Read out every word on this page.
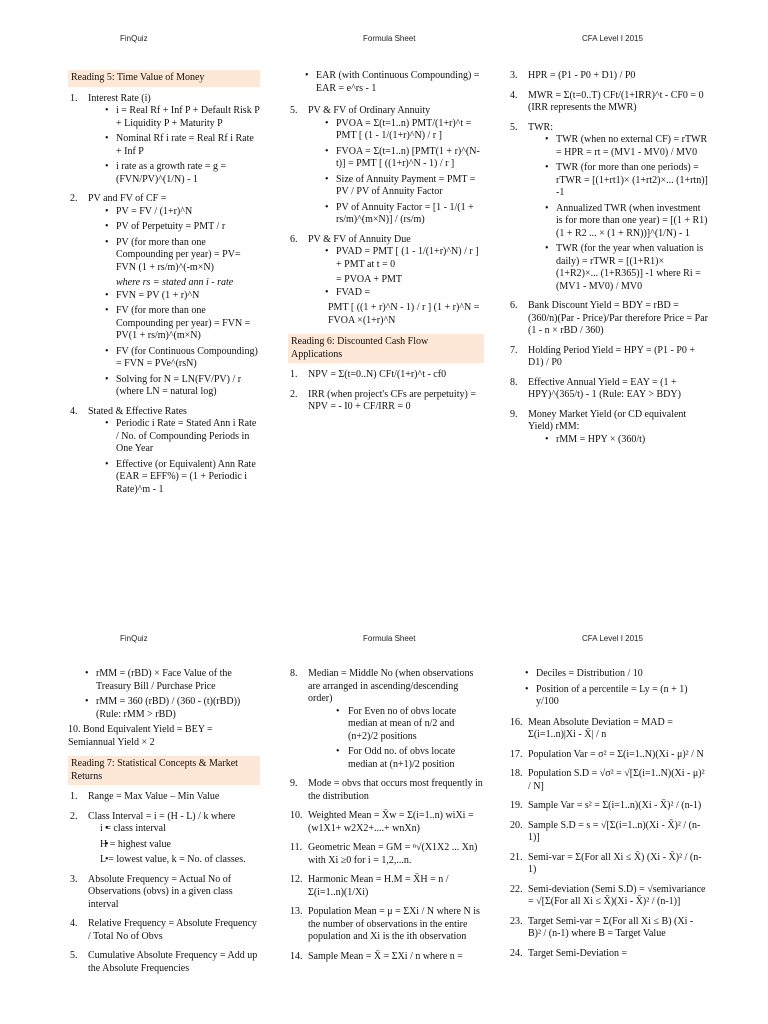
FinQuiz	Formula Sheet	CFA Level I 2015
Reading 5: Time Value of Money
1. Interest Rate (i)
• i = Real Rf + Inf P + Default Risk P + Liquidity P + Maturity P
• Nominal Rf i rate = Real Rf i Rate + Inf P
• i rate as a growth rate = g = (FVN/PV)^(1/N) - 1
2. PV and FV of CF =
• PV = FV / (1+r)^N
• PV of Perpetuity = PMT / r
• PV (for more than one Compounding per year) = PV= FVN (1 + rs/m)^(-m×N)
where rs = stated ann i - rate
• FVN = PV (1 + r)^N
• FV (for more than one Compounding per year) = FVN = PV(1 + rs/m)^(m×N)
• FV (for Continuous Compounding) = FVN = PVe^(rsN)
• Solving for N = LN(FV/PV) / r (where LN = natural log)
4. Stated & Effective Rates
• Periodic i Rate = Stated Ann i Rate / No. of Compounding Periods in One Year
• Effective (or Equivalent) Ann Rate (EAR = EFF%) = (1 + Periodic i Rate)^m - 1
• EAR (with Continuous Compounding) = EAR = e^rs - 1
5. PV & FV of Ordinary Annuity
• PVOA = Σ(t=1..n) PMT/(1+r)^t = PMT [ (1 - 1/(1+r)^N) / r ]
• FVOA = Σ(t=1..n) [PMT(1 + r)^(N-t)] = PMT [ ((1+r)^N - 1) / r ]
• Size of Annuity Payment = PMT = PV / PV of Annuity Factor
• PV of Annuity Factor = [1 - 1/(1 + rs/m)^(m×N)] / (rs/m)
6. PV & FV of Annuity Due
• PVAD = PMT [ (1 - 1/(1+r)^N) / r ] + PMT at t = 0
= PVOA + PMT
• FVAD =
PMT [ ((1 + r)^N - 1) / r ] (1 + r)^N =
FVOA ×(1+r)^N
Reading 6: Discounted Cash Flow Applications
1. NPV = Σ(t=0..N) CFt/(1+r)^t - cf0
2. IRR (when project's CFs are perpetuity) = NPV = - I0 + CF/IRR = 0
3. HPR = (P1 - P0 + D1) / P0
4. MWR = Σ(t=0..T) CFt/(1+IRR)^t - CF0 = 0 (IRR represents the MWR)
5. TWR:
• TWR (when no external CF) = rTWR = HPR = rt = (MV1 - MV0) / MV0
• TWR (for more than one periods) = rTWR = [(1+rt1)× (1+rt2)×... (1+rtn)] -1
• Annualized TWR (when investment is for more than one year) = [(1 + R1)(1 + R2 ... × (1 + RN))]^(1/N) - 1
• TWR (for the year when valuation is daily) = rTWR = [(1+R1)× (1+R2)×... (1+R365)] -1 where Ri = (MV1 - MV0) / MV0
6. Bank Discount Yield = BDY = rBD = (360/n)(Par - Price)/Par therefore Price = Par (1 - n × rBD / 360)
7. Holding Period Yield = HPY = (P1 - P0 + D1) / P0
8. Effective Annual Yield = EAY = (1 + HPY)^(365/t) - 1 (Rule: EAY > BDY)
9. Money Market Yield (or CD equivalent Yield) rMM:
• rMM = HPY × (360/t)
FinQuiz	Formula Sheet	CFA Level I 2015
• rMM = (rBD) × Face Value of the Treasury Bill / Purchase Price
• rMM = 360 (rBD) / (360 - (t)(rBD)) (Rule: rMM > rBD)
10. Bond Equivalent Yield = BEY = Semiannual Yield × 2
Reading 7: Statistical Concepts & Market Returns
1. Range = Max Value – Min Value
2. Class Interval = i = (H - L) / k where
• i = class interval
• H = highest value
• L = lowest value, k = No. of classes.
3. Absolute Frequency = Actual No of Observations (obvs) in a given class interval
4. Relative Frequency = Absolute Frequency / Total No of Obvs
5. Cumulative Absolute Frequency = Add up the Absolute Frequencies
8. Median = Middle No (when observations are arranged in ascending/descending order)
• For Even no of obvs locate median at mean of n/2 and (n+2)/2 positions
• For Odd no. of obvs locate median at (n+1)/2 position
9. Mode = obvs that occurs most frequently in the distribution
10. Weighted Mean = X̄w = Σ(i=1..n) wiXi = (w1X1+ w2X2+....+ wnXn)
11. Geometric Mean = GM = ⁿ√(X1X2 ... Xn) with Xi ≥0 for i = 1,2,...n.
12. Harmonic Mean = H.M = X̄H = n / Σ(i=1..n)(1/Xi)
13. Population Mean = μ = ΣXi / N where N is the number of observations in the entire population and Xi is the ith observation
14. Sample Mean = X̄ = ΣXi / n where n =
• Deciles = Distribution / 10
• Position of a percentile = Ly = (n + 1) y/100
16. Mean Absolute Deviation = MAD = Σ(i=1..n)|Xi - X̄| / n
17. Population Var = σ² = Σ(i=1..N)(Xi - μ)² / N
18. Population S.D = √σ² = √[Σ(i=1..N)(Xi - μ)² / N]
19. Sample Var = s² = Σ(i=1..n)(Xi - X̄)² / (n-1)
20. Sample S.D = s = √[Σ(i=1..n)(Xi - X̄)² / (n-1)]
21. Semi-var = Σ(For all Xi ≤ X̄) (Xi - X̄)² / (n-1)
22. Semi-deviation (Semi S.D) = √semivariance = √[Σ(For all Xi ≤ X̄)(Xi - X̄)² / (n-1)]
23. Target Semi-var = Σ(For all Xi ≤ B) (Xi - B)² / (n-1) where B = Target Value
24. Target Semi-Deviation =
